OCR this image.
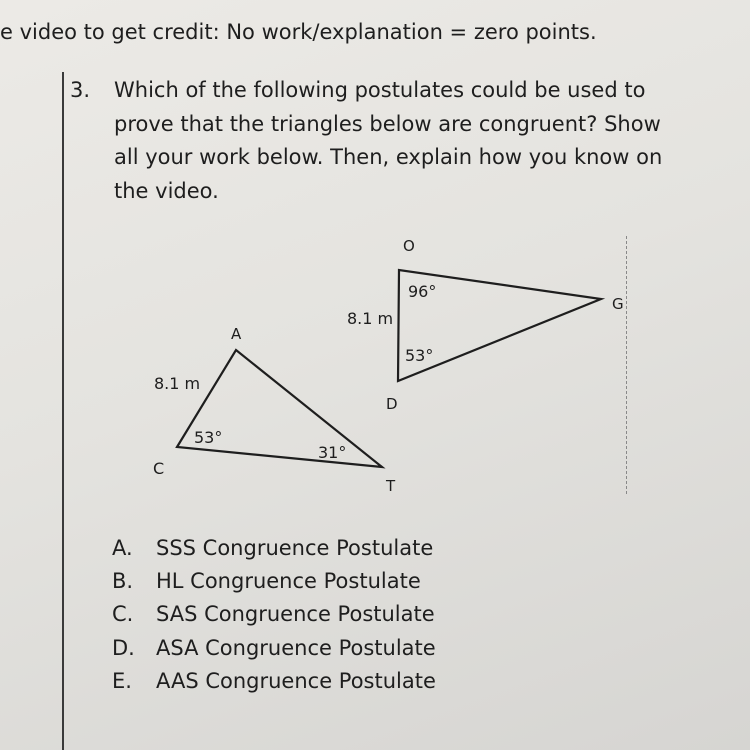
e video to get credit: No work/explanation = zero points.
3. Which of the following postulates could be used to
prove that the triangles below are congruent? Show
all your work below. Then, explain how you know on
the video.
A
C
T
8.1 m
53°
31°
O
D
G
8.1 m
96°
53°
A.	SSS Congruence Postulate
B.	HL Congruence Postulate
C.	SAS Congruence Postulate
D.	ASA Congruence Postulate
E.	AAS Congruence Postulate
